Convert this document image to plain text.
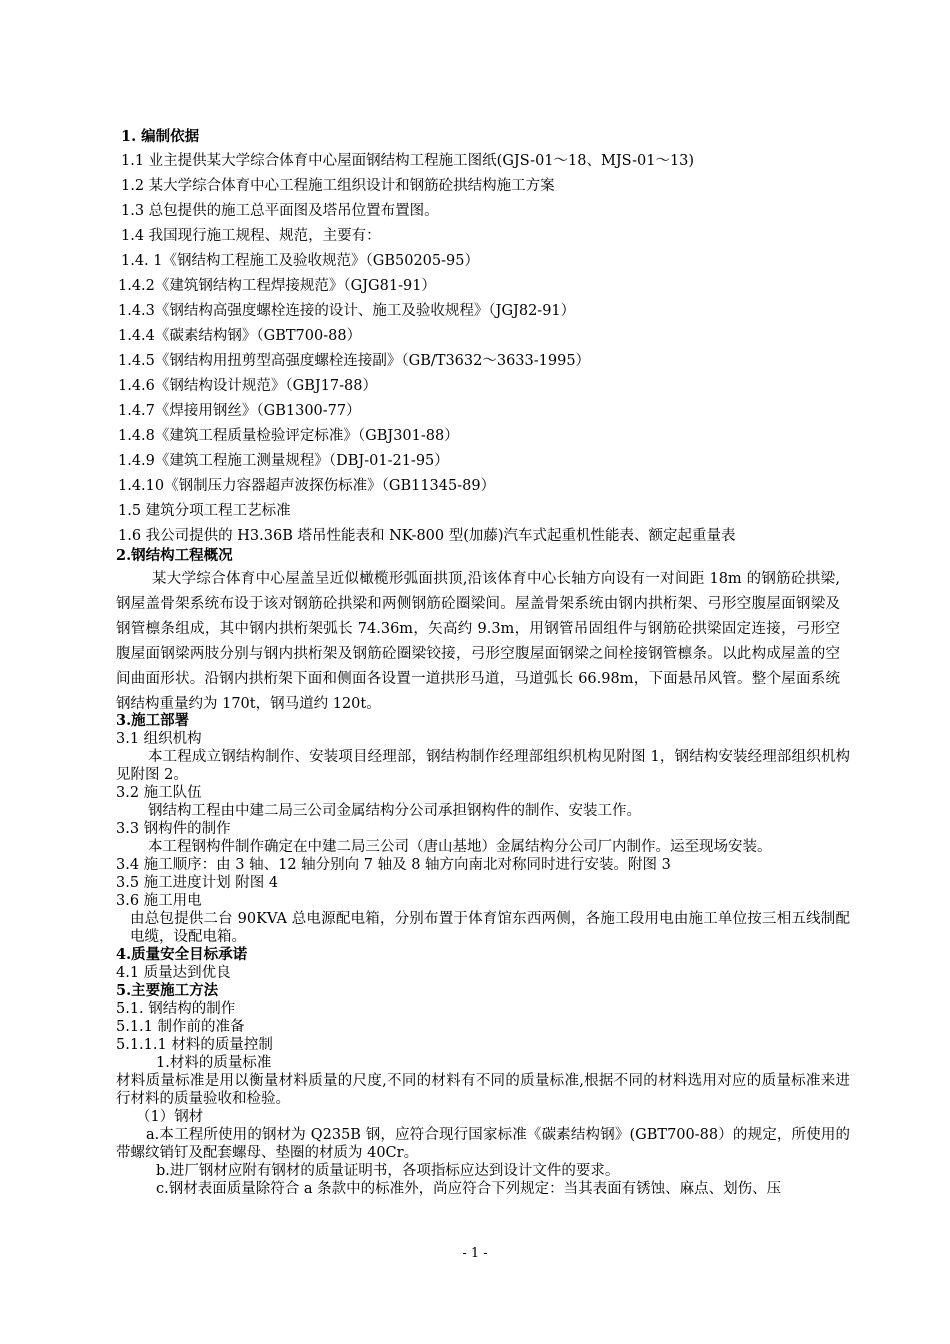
1. 编制依据
1.1 业主提供某大学综合体育中心屋面钢结构工程施工图纸(GJS-01～18、MJS-01～13)
1.2 某大学综合体育中心工程施工组织设计和钢筋砼拱结构施工方案
1.3 总包提供的施工总平面图及塔吊位置布置图。
1.4 我国现行施工规程、规范，主要有：
1.4. 1《钢结构工程施工及验收规范》（GB50205-95）
1.4.2《建筑钢结构工程焊接规范》（GJG81-91）
1.4.3《钢结构高强度螺栓连接的设计、施工及验收规程》（JGJ82-91）
1.4.4《碳素结构钢》（GBT700-88）
1.4.5《钢结构用扭剪型高强度螺栓连接副》（GB/T3632～3633-1995）
1.4.6《钢结构设计规范》（GBJ17-88）
1.4.7《焊接用钢丝》（GB1300-77）
1.4.8《建筑工程质量检验评定标准》（GBJ301-88）
1.4.9《建筑工程施工测量规程》（DBJ-01-21-95）
1.4.10《钢制压力容器超声波探伤标准》（GB11345-89）
1.5 建筑分项工程工艺标准
1.6 我公司提供的 H3.36B 塔吊性能表和 NK-800 型(加藤)汽车式起重机性能表、额定起重量表
2.钢结构工程概况
某大学综合体育中心屋盖呈近似橄榄形弧面拱顶,沿该体育中心长轴方向设有一对间距 18m 的钢筋砼拱梁,钢屋盖骨架系统布设于该对钢筋砼拱梁和两侧钢筋砼圈梁间。屋盖骨架系统由钢内拱桁架、弓形空腹屋面钢梁及钢管檩条组成，其中钢内拱桁架弧长 74.36m，矢高约 9.3m，用钢管吊固组件与钢筋砼拱梁固定连接，弓形空腹屋面钢梁两肢分别与钢内拱桁架及钢筋砼圈梁铰接，弓形空腹屋面钢梁之间栓接钢管檩条。以此构成屋盖的空间曲面形状。沿钢内拱桁架下面和侧面各设置一道拱形马道，马道弧长 66.98m，下面悬吊风管。整个屋面系统钢结构重量约为 170t，钢马道约 120t。
3.施工部署
3.1 组织机构
本工程成立钢结构制作、安装项目经理部，钢结构制作经理部组织机构见附图 1，钢结构安装经理部组织机构见附图 2。
3.2 施工队伍
钢结构工程由中建二局三公司金属结构分公司承担钢构件的制作、安装工作。
3.3 钢构件的制作
本工程钢构件制作确定在中建二局三公司（唐山基地）金属结构分公司厂内制作。运至现场安装。
3.4 施工顺序：由 3 轴、12 轴分别向 7 轴及 8 轴方向南北对称同时进行安装。附图 3
3.5 施工进度计划 附图 4
3.6 施工用电
由总包提供二台 90KVA 总电源配电箱，分别布置于体育馆东西两侧，各施工段用电由施工单位按三相五线制配电缆，设配电箱。
4.质量安全目标承诺
4.1 质量达到优良
5.主要施工方法
5.1. 钢结构的制作
5.1.1 制作前的准备
5.1.1.1 材料的质量控制
1.材料的质量标准
材料质量标准是用以衡量材料质量的尺度,不同的材料有不同的质量标准,根据不同的材料选用对应的质量标准来进行材料的质量验收和检验。
（1）钢材
a.本工程所使用的钢材为 Q235B 钢，应符合现行国家标准《碳素结构钢》(GBT700-88）的规定，所使用的带螺纹销钉及配套螺母、垫圈的材质为 40Cr。
b.进厂钢材应附有钢材的质量证明书，各项指标应达到设计文件的要求。
c.钢材表面质量除符合 a 条款中的标准外，尚应符合下列规定：当其表面有锈蚀、麻点、划伤、压
- 1 -
